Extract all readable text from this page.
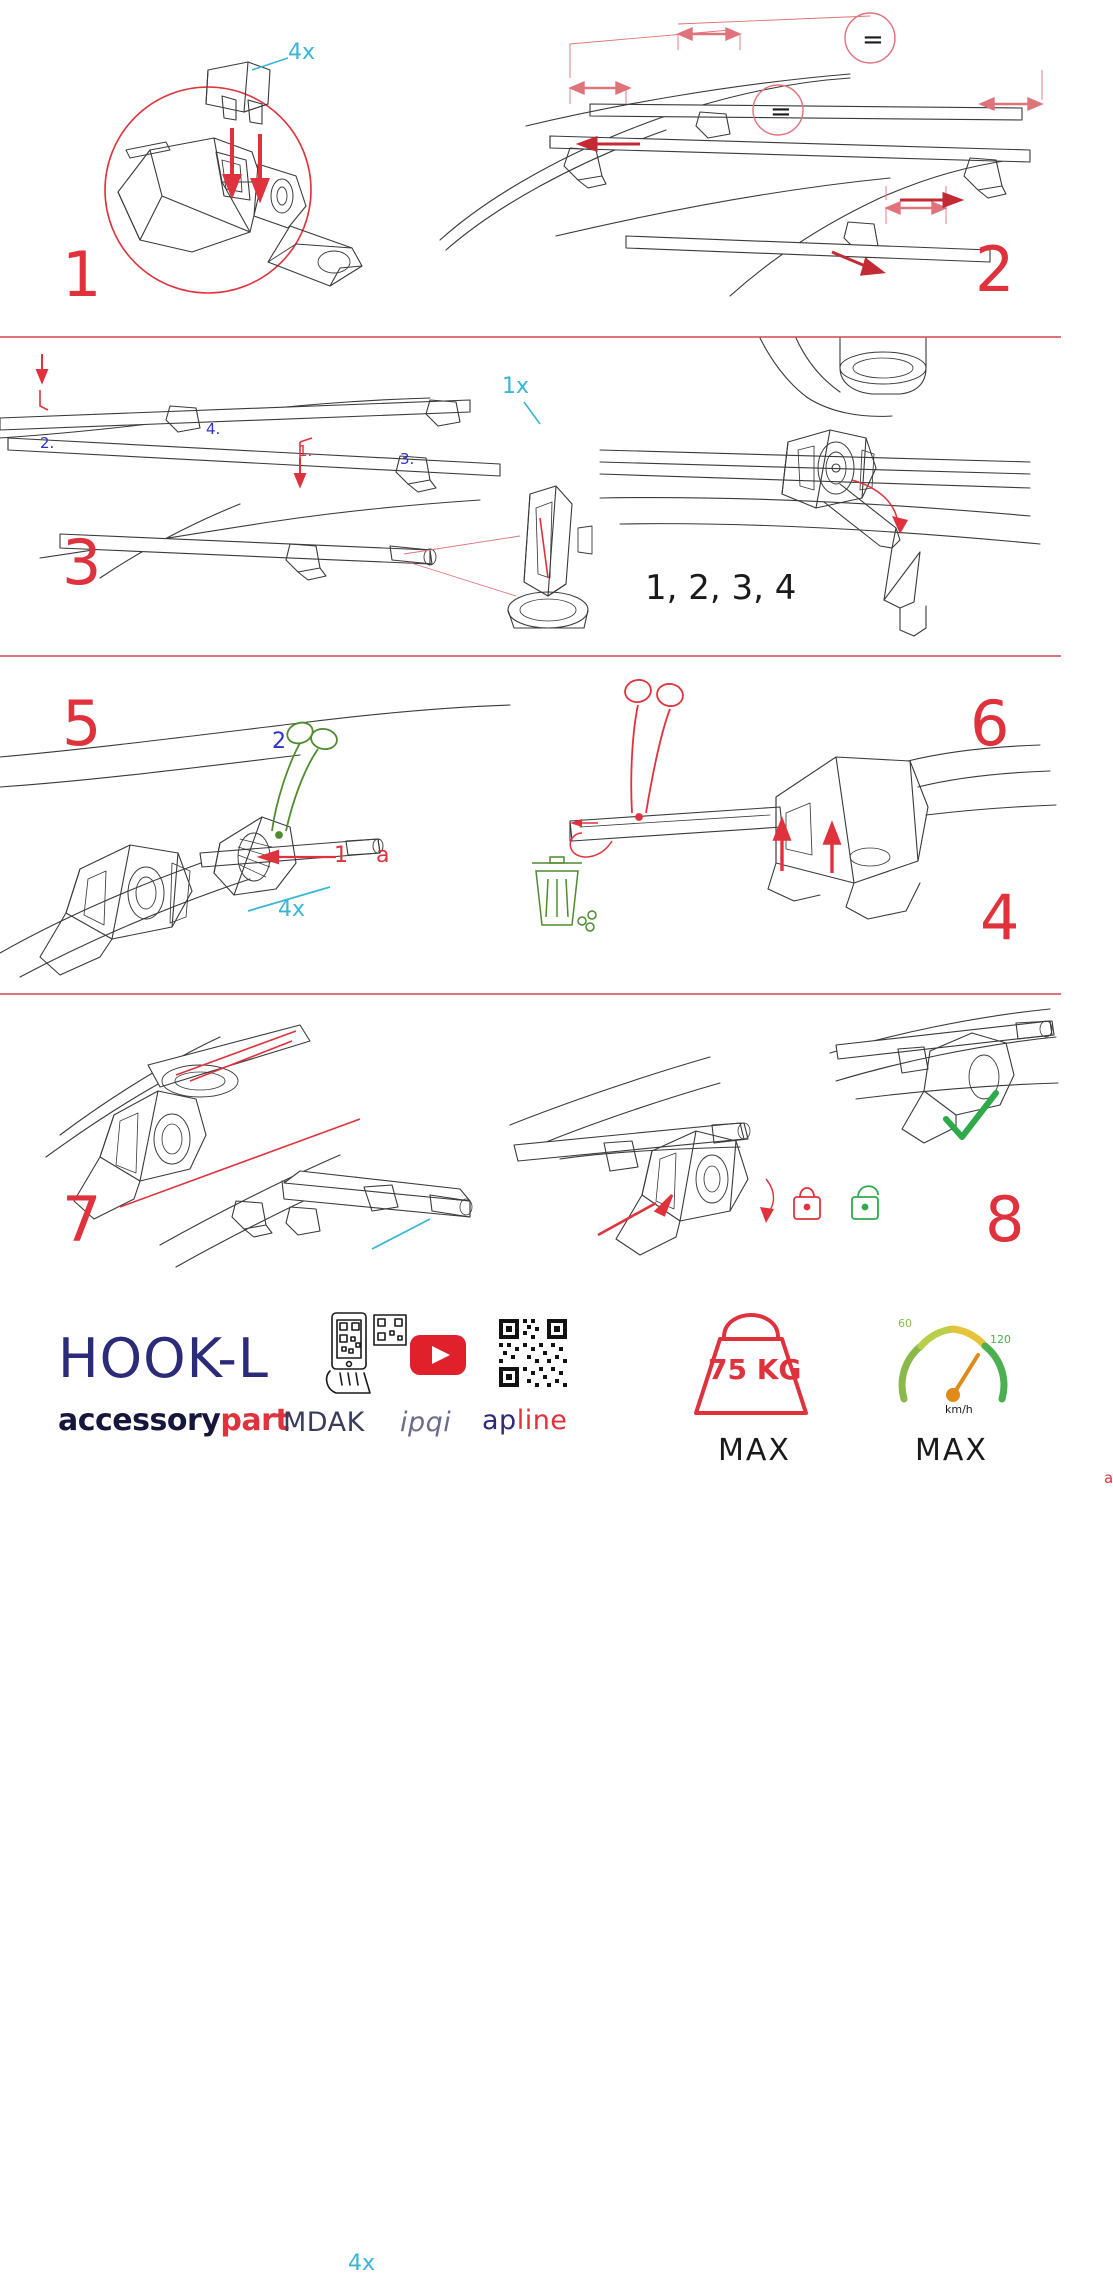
1
4x	=
=
2
3
1.
2.
3.
4.
1x
4
1, 2, 3, 4
5
1
2
a
4x
6
a
7
4x
8
HOOK-L
accessorypart
MDAK ipqi apline
75 KG
MAX
60
120
km/h
MAX
